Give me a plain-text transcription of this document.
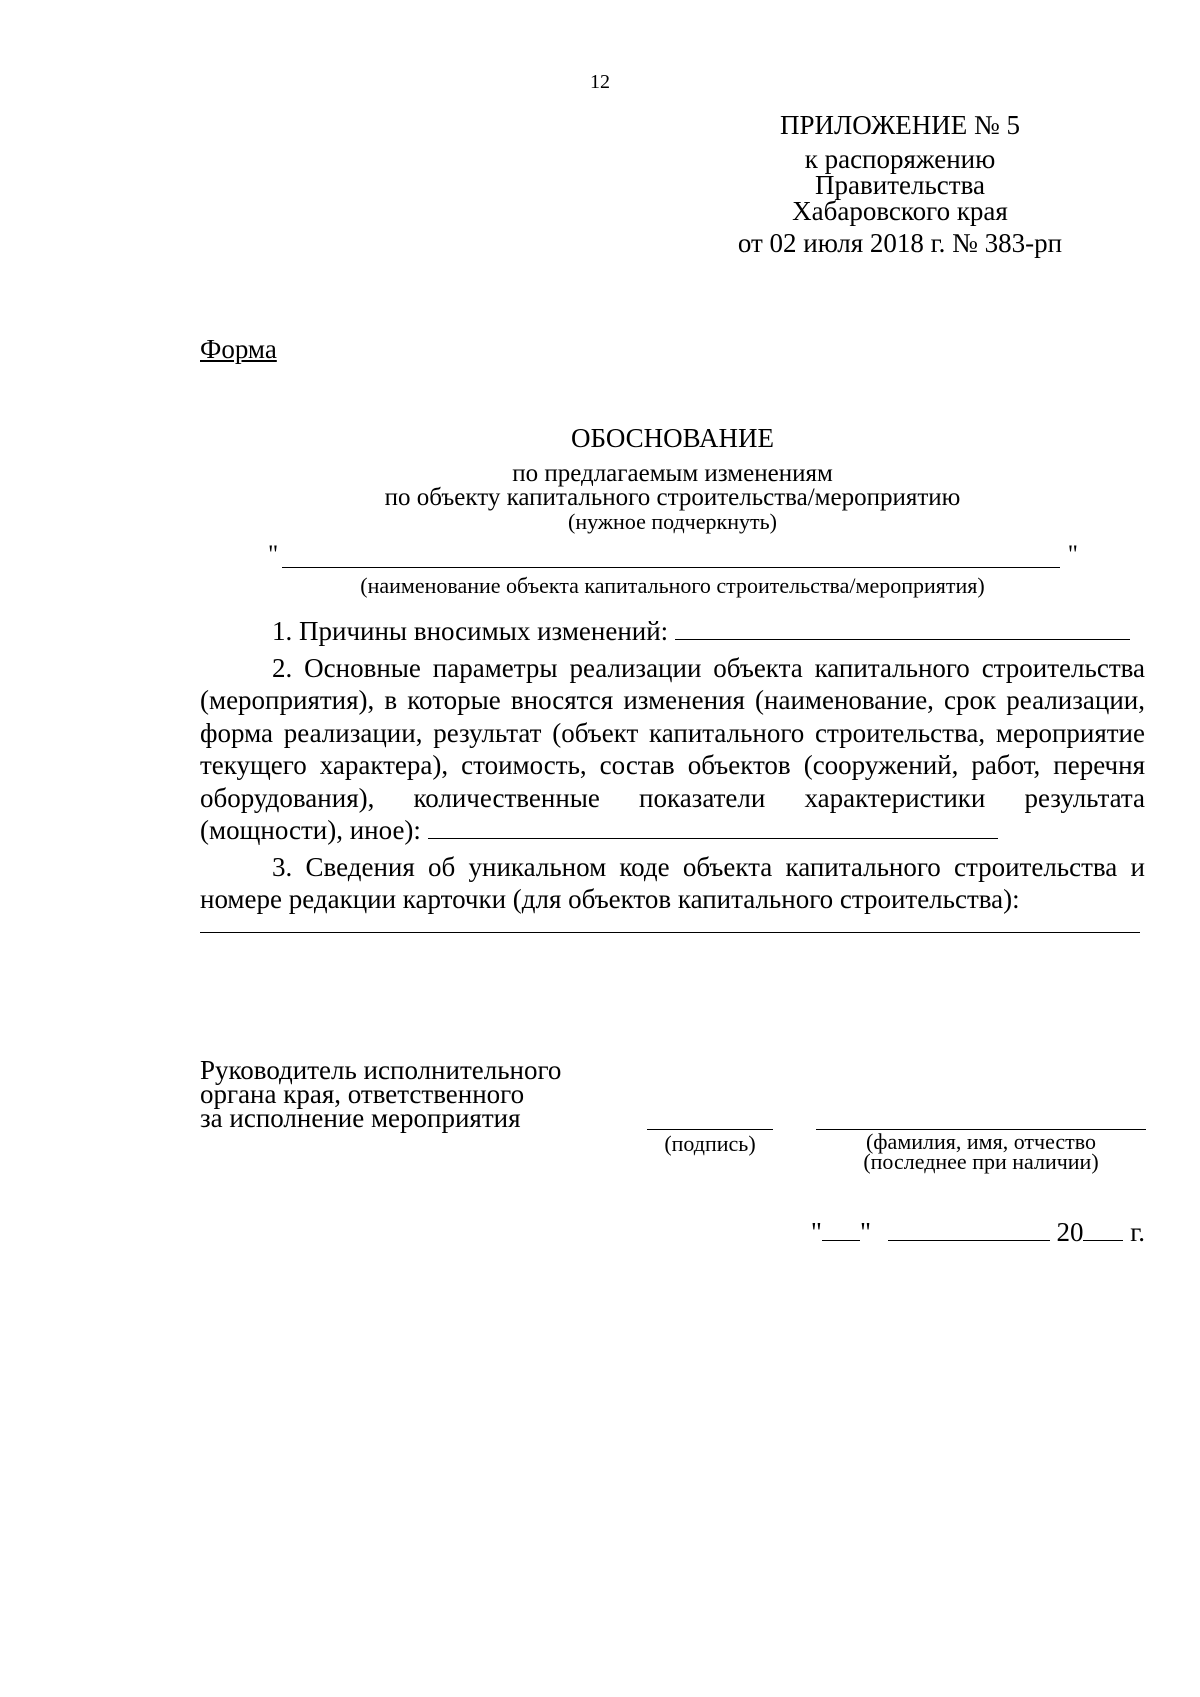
12
ПРИЛОЖЕНИЕ № 5
к распоряжению
Правительства
Хабаровского края
от 02 июля 2018 г. № 383-рп
Форма
ОБОСНОВАНИЕ
по предлагаемым изменениям
по объекту капитального строительства/мероприятию
(нужное подчеркнуть)
"	"
(наименование объекта капитального строительства/мероприятия)

1. Причины вносимых изменений:

2. Основные параметры реализации объекта капитального строительства (мероприятия), в которые вносятся изменения (наименование, срок реализации, форма реализации, результат (объект капитального строительства, мероприятие текущего характера), стоимость, состав объектов (сооружений, работ, перечня оборудования), количественные показатели характеристики результата (мощности), иное):

3. Сведения об уникальном коде объекта капитального строительства и номере редакции карточки (для объектов капитального строительства):

Руководитель исполнительного
органа края, ответственного
за исполнение мероприятия
(подпись)	(фамилия, имя, отчество
(последнее при наличии)
" "	20 г.
